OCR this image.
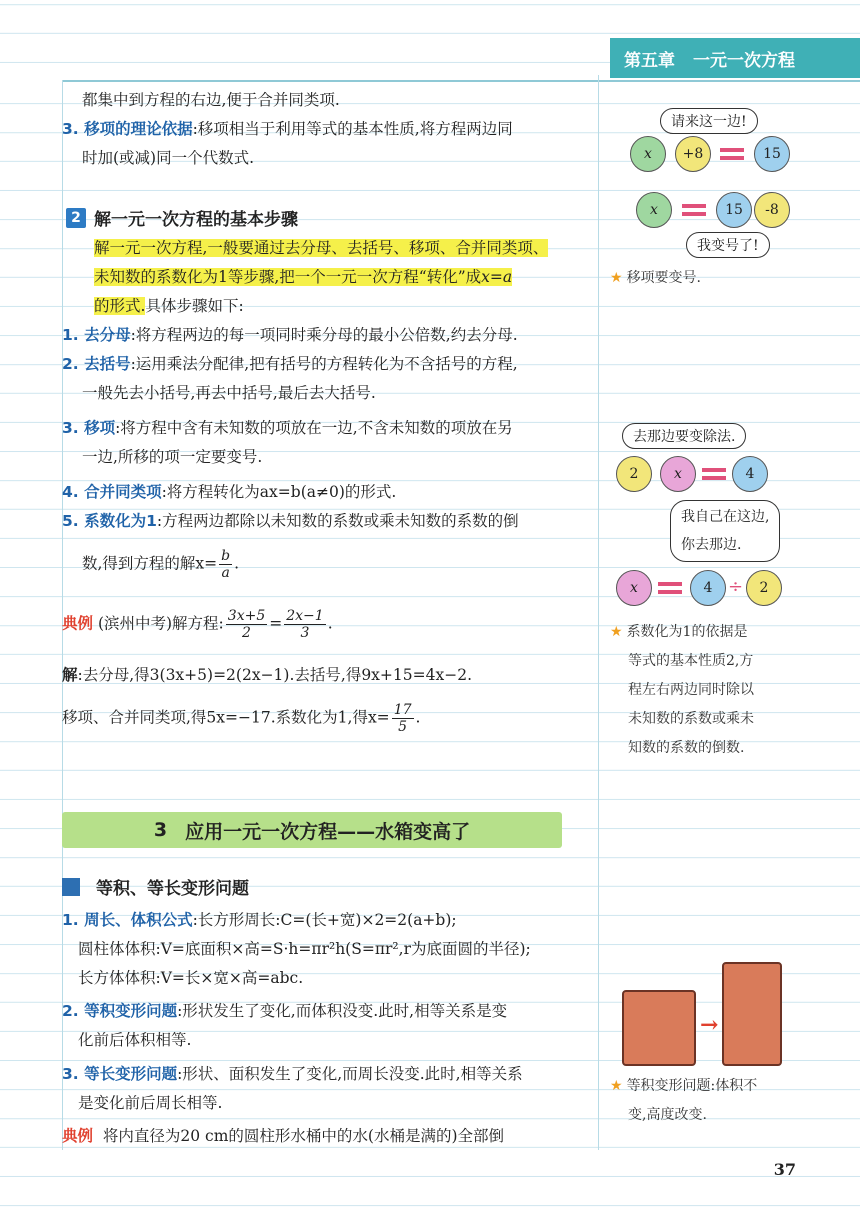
第五章 一元一次方程
都集中到方程的右边,便于合并同类项.
3. 移项的理论依据:移项相当于利用等式的基本性质,将方程两边同
时加(或减)同一个代数式.
2 解一元一次方程的基本步骤
解一元一次方程,一般要通过去分母、去括号、移项、合并同类项、
未知数的系数化为1等步骤,把一个一元一次方程“转化”成x=a
的形式.具体步骤如下:
1. 去分母:将方程两边的每一项同时乘分母的最小公倍数,约去分母.
2. 去括号:运用乘法分配律,把有括号的方程转化为不含括号的方程,
一般先去小括号,再去中括号,最后去大括号.
3. 移项:将方程中含有未知数的项放在一边,不含未知数的项放在另
一边,所移的项一定要变号.
4. 合并同类项:将方程转化为ax=b(a≠0)的形式.
5. 系数化为1:方程两边都除以未知数的系数或乘未知数的系数的倒
数,得到方程的解$x= \frac{b}{a}$ .
典例 (滨州中考)解方程: $\frac{3x+5}{2} = \frac{2x-1}{3}$ .
解:去分母,得3(3x+5)=2(2x−1).去括号,得9x+15=4x−2.
移项、合并同类项,得5x=−17.系数化为1,得$x= \frac{17}{5}$ .
3 应用一元一次方程—— 水箱变高了
等积、等长变形问题
1. 周长、体积公式:长方形周长:C=(长+宽)×2=2(a+b);
圆柱体体积:V=底面积×高=S·h=πr²h(S=πr²,r为底面圆的半径);
长方体体积:V=长×宽×高=abc.
2. 等积变形问题:形状发生了变化,而体积没变.此时,相等关系是变
化前后体积相等.
3. 等长变形问题:形状、面积发生了变化,而周长没变.此时,相等关系
是变化前后周长相等.
典例 将内直径为20 cm的圆柱形水桶中的水(水桶是满的)全部倒
请来这一边!
x	+8	15
x	15	-8
我变号了!
★ 移项要变号.
去那边要变除法.
2	x	4
我自己在这边,
你去那边.
x	4 ÷	2
★ 系数化为1的依据是
等式的基本性质2,方
程左右两边同时除以
未知数的系数或乘未
知数的系数的倒数.
→
★ 等积变形问题:体积不
变,高度改变.
37
